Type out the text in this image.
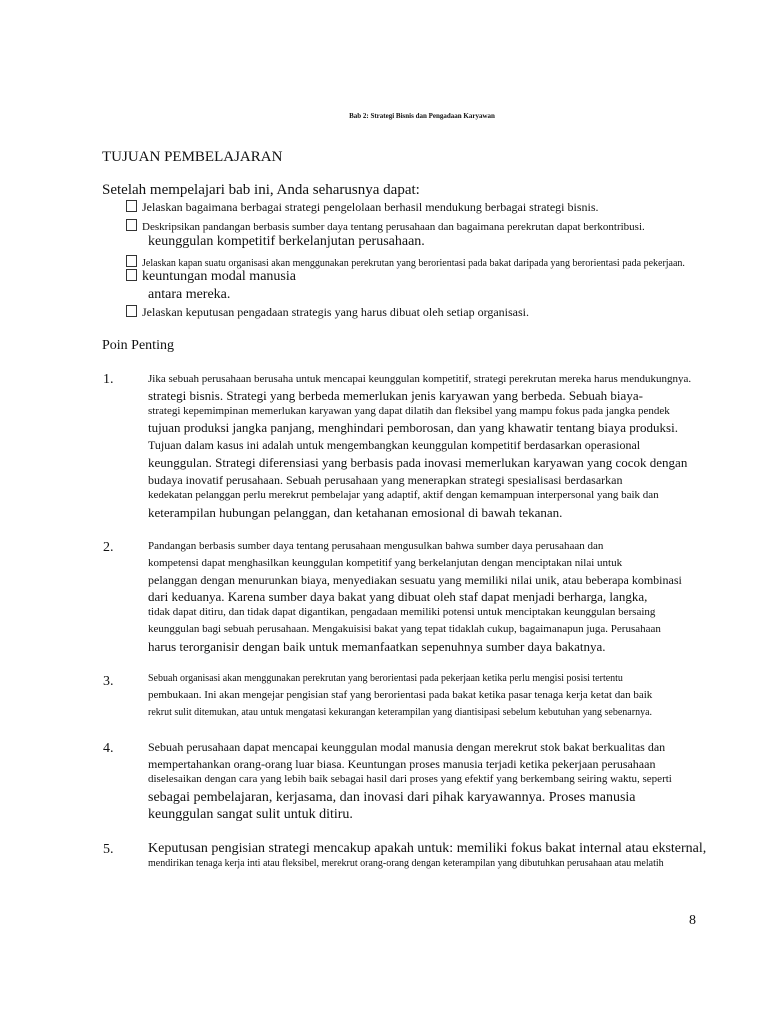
Bab 2: Strategi Bisnis dan Pengadaan Karyawan
TUJUAN PEMBELAJARAN
Setelah mempelajari bab ini, Anda seharusnya dapat:
Jelaskan bagaimana berbagai strategi pengelolaan berhasil mendukung berbagai strategi bisnis.
Deskripsikan pandangan berbasis sumber daya tentang perusahaan dan bagaimana perekrutan dapat berkontribusi.
keunggulan kompetitif berkelanjutan perusahaan.
Jelaskan kapan suatu organisasi akan menggunakan perekrutan yang berorientasi pada bakat daripada yang berorientasi pada pekerjaan.
keuntungan modal manusia
antara mereka.
Jelaskan keputusan pengadaan strategis yang harus dibuat oleh setiap organisasi.
Poin Penting
1.	Jika sebuah perusahaan berusaha untuk mencapai keunggulan kompetitif, strategi perekrutan mereka harus mendukungnya.
strategi bisnis. Strategi yang berbeda memerlukan jenis karyawan yang berbeda. Sebuah biaya-
strategi kepemimpinan memerlukan karyawan yang dapat dilatih dan fleksibel yang mampu fokus pada jangka pendek
tujuan produksi jangka panjang, menghindari pemborosan, dan yang khawatir tentang biaya produksi.
Tujuan dalam kasus ini adalah untuk mengembangkan keunggulan kompetitif berdasarkan operasional
keunggulan. Strategi diferensiasi yang berbasis pada inovasi memerlukan karyawan yang cocok dengan
budaya inovatif perusahaan. Sebuah perusahaan yang menerapkan strategi spesialisasi berdasarkan
kedekatan pelanggan perlu merekrut pembelajar yang adaptif, aktif dengan kemampuan interpersonal yang baik dan
keterampilan hubungan pelanggan, dan ketahanan emosional di bawah tekanan.
2.	Pandangan berbasis sumber daya tentang perusahaan mengusulkan bahwa sumber daya perusahaan dan
kompetensi dapat menghasilkan keunggulan kompetitif yang berkelanjutan dengan menciptakan nilai untuk
pelanggan dengan menurunkan biaya, menyediakan sesuatu yang memiliki nilai unik, atau beberapa kombinasi
dari keduanya. Karena sumber daya bakat yang dibuat oleh staf dapat menjadi berharga, langka,
tidak dapat ditiru, dan tidak dapat digantikan, pengadaan memiliki potensi untuk menciptakan keunggulan bersaing
keunggulan bagi sebuah perusahaan. Mengakuisisi bakat yang tepat tidaklah cukup, bagaimanapun juga. Perusahaan
harus terorganisir dengan baik untuk memanfaatkan sepenuhnya sumber daya bakatnya.
3.	Sebuah organisasi akan menggunakan perekrutan yang berorientasi pada pekerjaan ketika perlu mengisi posisi tertentu
pembukaan. Ini akan mengejar pengisian staf yang berorientasi pada bakat ketika pasar tenaga kerja ketat dan baik
rekrut sulit ditemukan, atau untuk mengatasi kekurangan keterampilan yang diantisipasi sebelum kebutuhan yang sebenarnya.
4.	Sebuah perusahaan dapat mencapai keunggulan modal manusia dengan merekrut stok bakat berkualitas dan
mempertahankan orang-orang luar biasa. Keuntungan proses manusia terjadi ketika pekerjaan perusahaan
diselesaikan dengan cara yang lebih baik sebagai hasil dari proses yang efektif yang berkembang seiring waktu, seperti
sebagai pembelajaran, kerjasama, dan inovasi dari pihak karyawannya. Proses manusia
keunggulan sangat sulit untuk ditiru.
5. Keputusan pengisian strategi mencakup apakah untuk: memiliki fokus bakat internal atau eksternal,
mendirikan tenaga kerja inti atau fleksibel, merekrut orang-orang dengan keterampilan yang dibutuhkan perusahaan atau melatih
8
